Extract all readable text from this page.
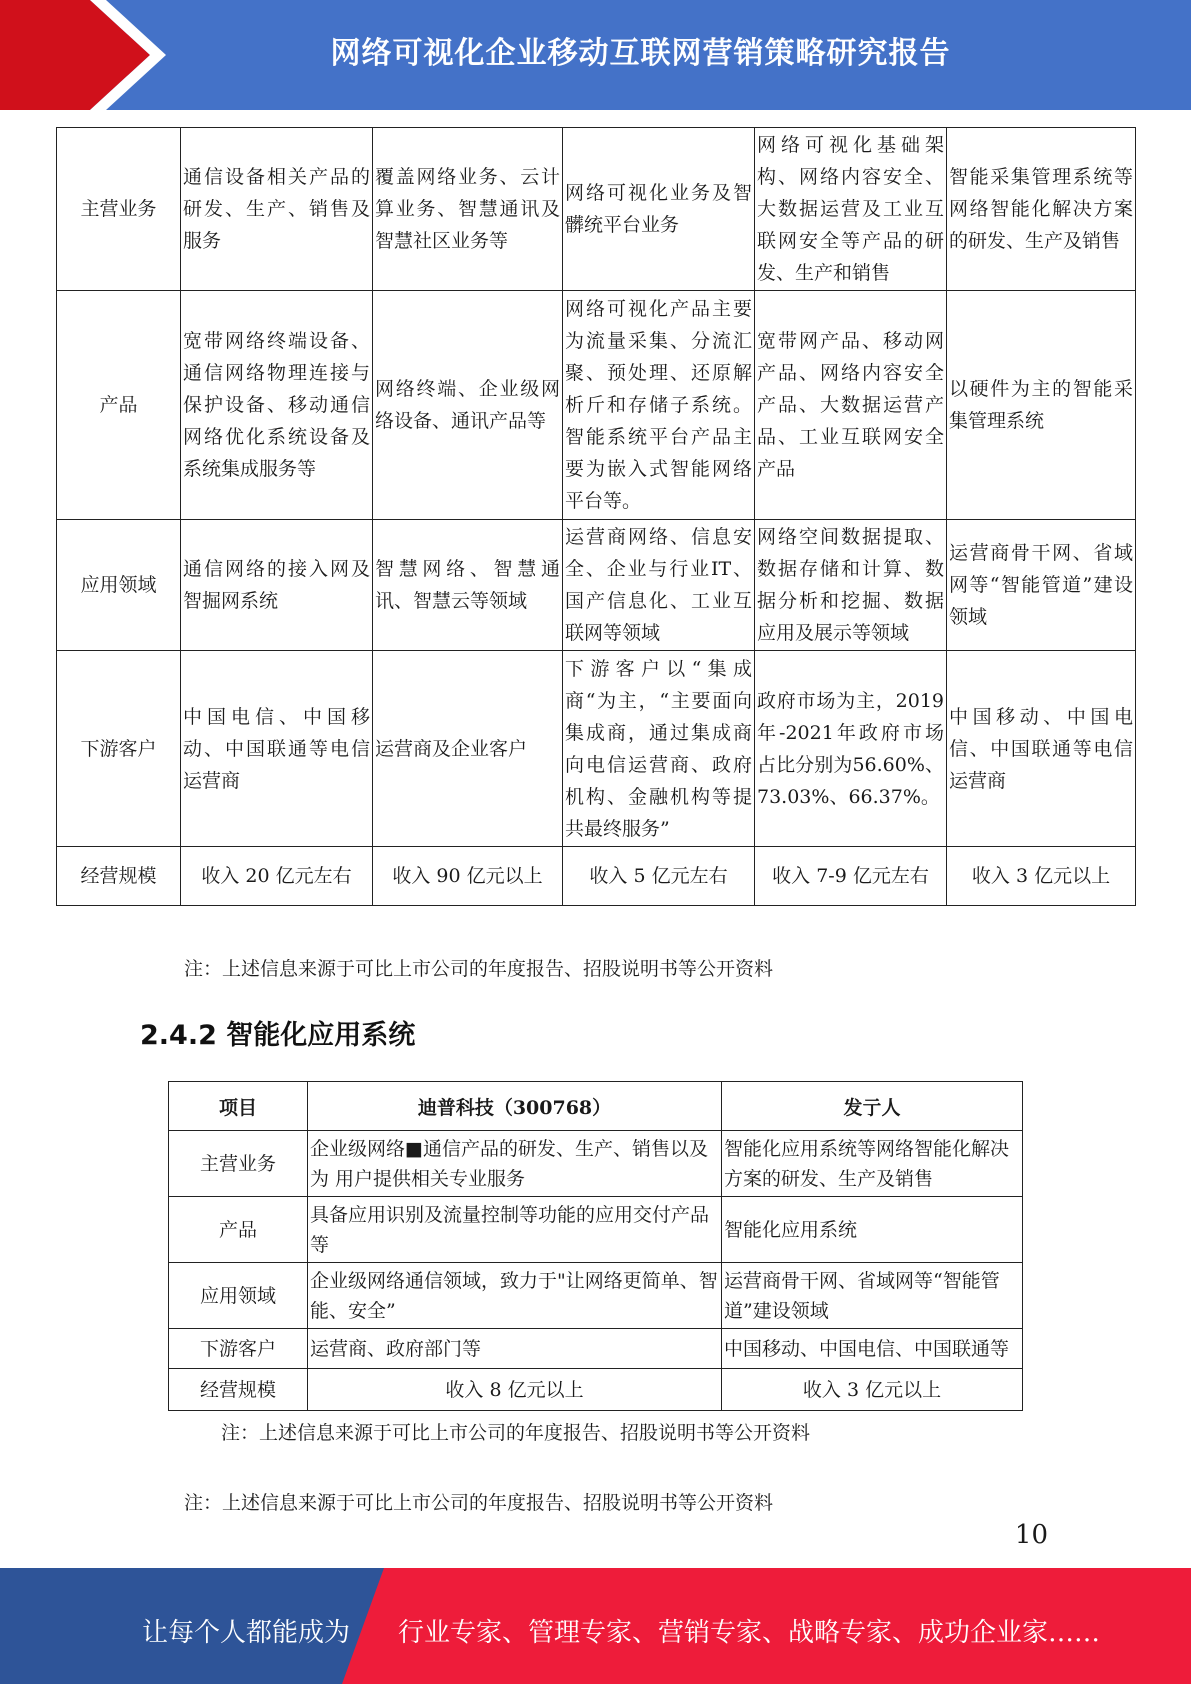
网络可视化企业移动互联网营销策略研究报告
主营业务	通信设备相关产品的研发、生产、销售及服务	覆盖网络业务、云计算业务、智慧通讯及智慧社区业务等	网络可视化业务及智髒统平台业务	网络可视化基础架构、网络内容安全、大数据运营及工业互联网安全等产品的研发、生产和销售	智能采集管理系统等网络智能化解决方案的研发、生产及销售
产品	宽带网络终端设备、通信网络物理连接与保护设备、移动通信网络优化系统设备及系统集成服务等	网络终端、企业级网络设备、通讯产品等	网络可视化产品主要为流量采集、分流汇聚、预处理、还原解析斤和存储子系统。智能系统平台产品主要为嵌入式智能网络平台等。	宽带网产品、移动网产品、网络内容安全产品、大数据运营产品、工业互联网安全产品	以硬件为主的智能采集管理系统
应用领域	通信网络的接入网及智掘网系统	智慧网络、智慧通讯、智慧云等领域	运营商网络、信息安全、企业与行业IT、国产信息化、工业互联网等领域	网络空间数据提取、数据存储和计算、数据分析和挖掘、数据应用及展示等领域	运营商骨干网、省域网等“智能管道”建设领域
下游客户	中国电信、中国移动、中国联通等电信运营商	运营商及企业客户	下游客户以“集成商“为主，“主要面向集成商，通过集成商向电信运营商、政府机构、金融机构等提共最终服务”	政府市场为主，2019年-2021年政府市场占比分别为56.60%、73.03%、66.37%。	中国移动、中国电信、中国联通等电信运营商
经营规模	收入 20 亿元左右	收入 90 亿元以上	收入 5 亿元左右	收入 7-9 亿元左右	收入 3 亿元以上
注：上述信息来源于可比上市公司的年度报告、招股说明书等公开资料
2.4.2 智能化应用系统
项目	迪普科技（300768）	发亍人
主营业务	企业级网络■通信产品的研发、生产、销售以及为 用户提供相关专业服务	智能化应用系统等网络智能化解决方案的研发、生产及销售
产品	具备应用识别及流量控制等功能的应用交付产品 等	智能化应用系统
应用领域	企业级网络通信领域，致力于"让网络更简单、智能、安全”	运营商骨干网、省域网等“智能管 道”建设领域
下游客户	运营商、政府部门等	中国移动、中国电信、中国联通等

经营规模	收入 8 亿元以上	收入 3 亿元以上
注：上述信息来源于可比上市公司的年度报告、招股说明书等公开资料
注：上述信息来源于可比上市公司的年度报告、招股说明书等公开资料
10
让每个人都能成为 行业专家、管理专家、营销专家、战略专家、成功企业家……
